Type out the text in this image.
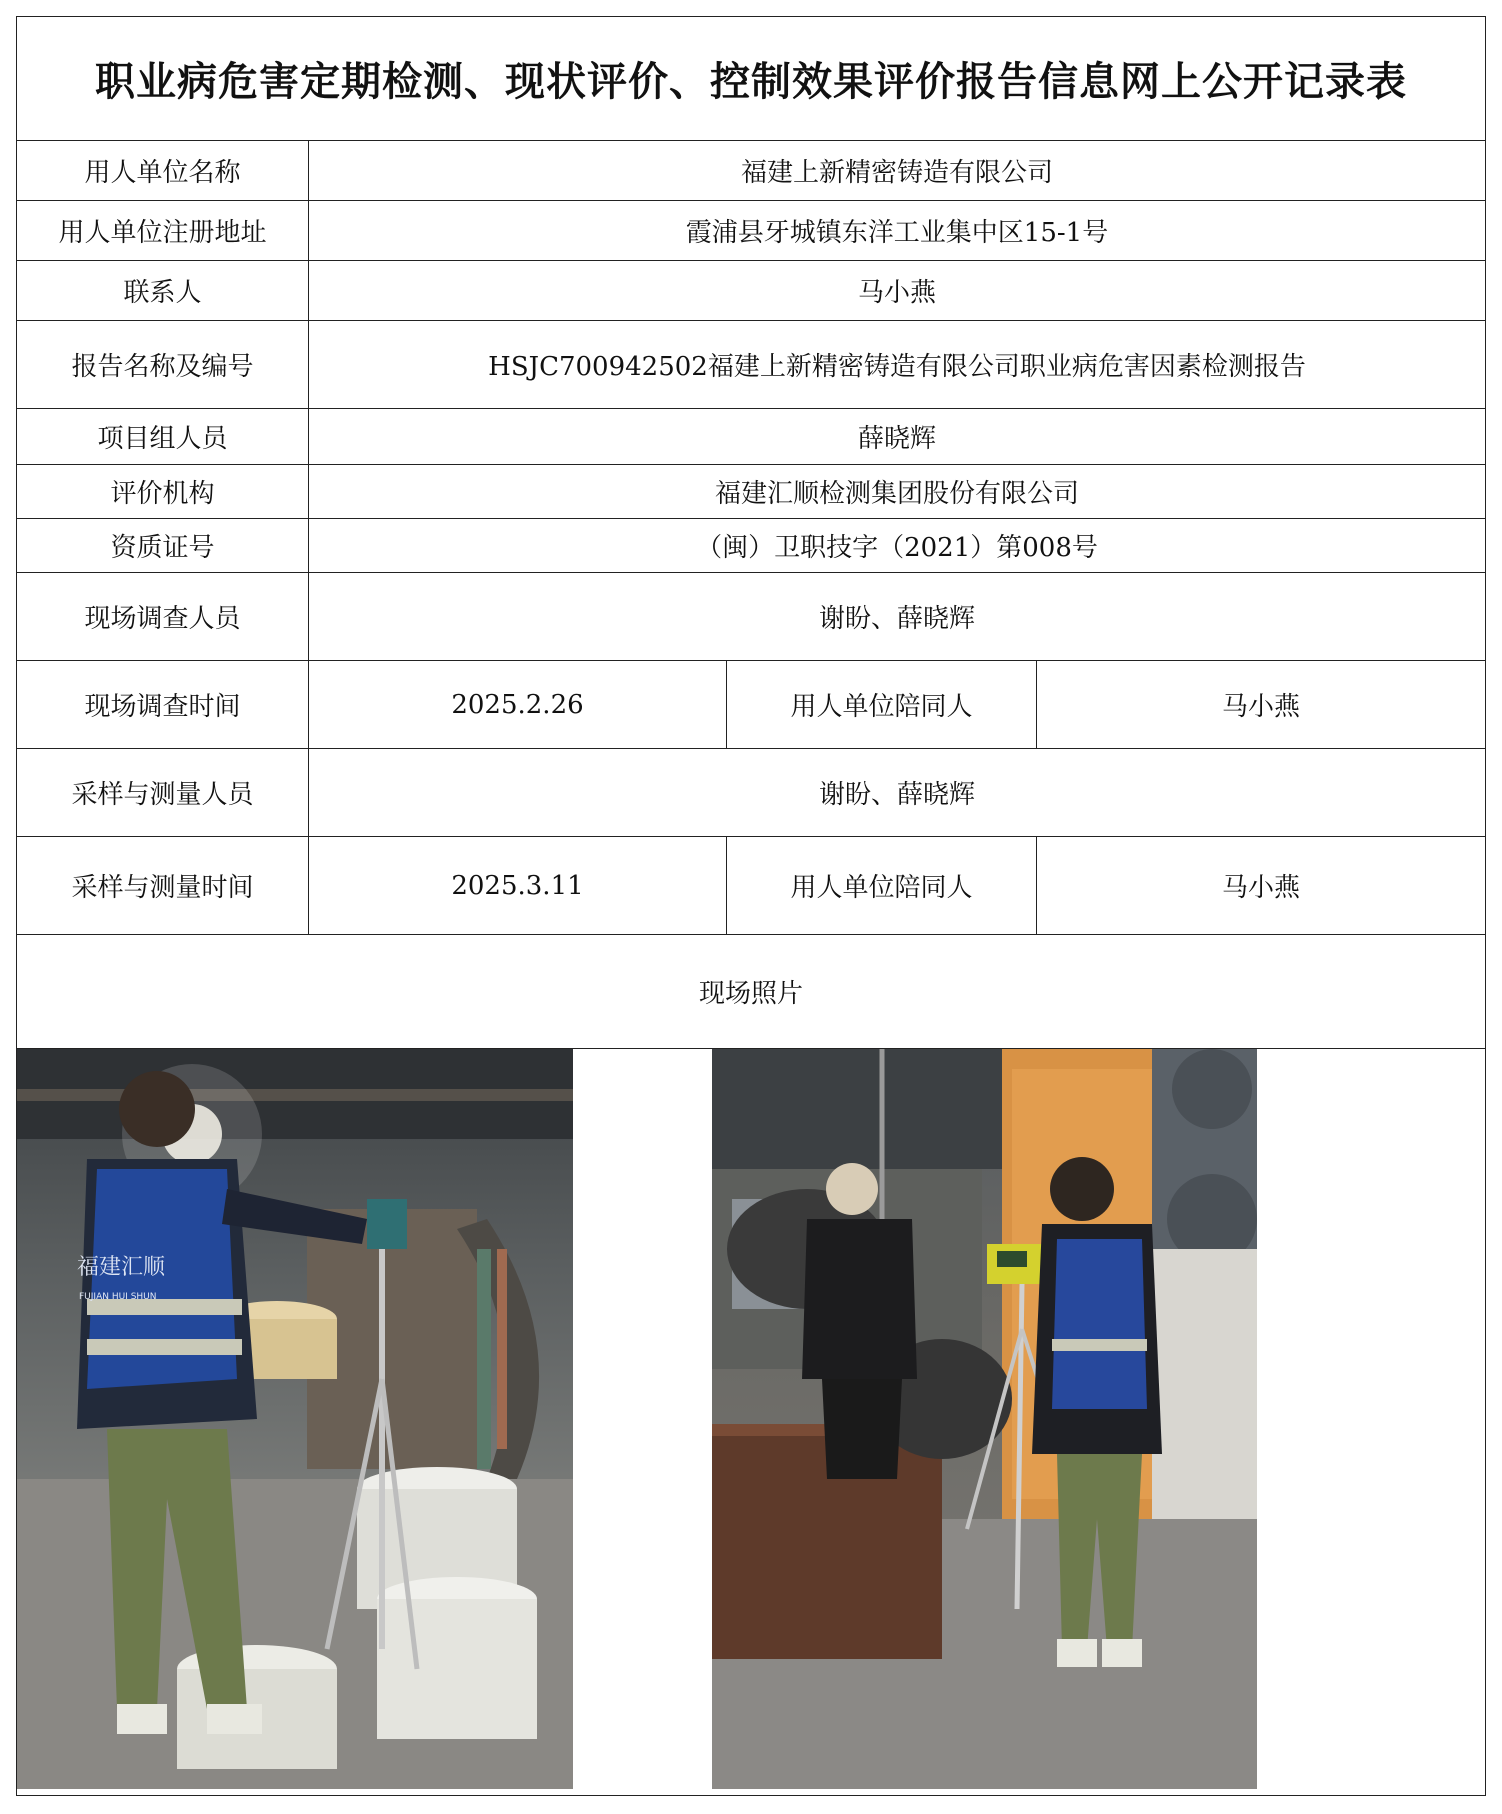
职业病危害定期检测、现状评价、控制效果评价报告信息网上公开记录表
用人单位名称	福建上新精密铸造有限公司
用人单位注册地址	霞浦县牙城镇东洋工业集中区15-1号
联系人	马小燕
报告名称及编号	HSJC700942502福建上新精密铸造有限公司职业病危害因素检测报告
项目组人员	薛晓辉
评价机构	福建汇顺检测集团股份有限公司
资质证号	（闽）卫职技字（2021）第008号
现场调查人员	谢盼、薛晓辉
现场调查时间	2025.2.26	用人单位陪同人	马小燕
采样与测量人员	谢盼、薛晓辉
采样与测量时间	2025.3.11	用人单位陪同人	马小燕
现场照片
福建汇顺
FUJIAN HUI SHUN
